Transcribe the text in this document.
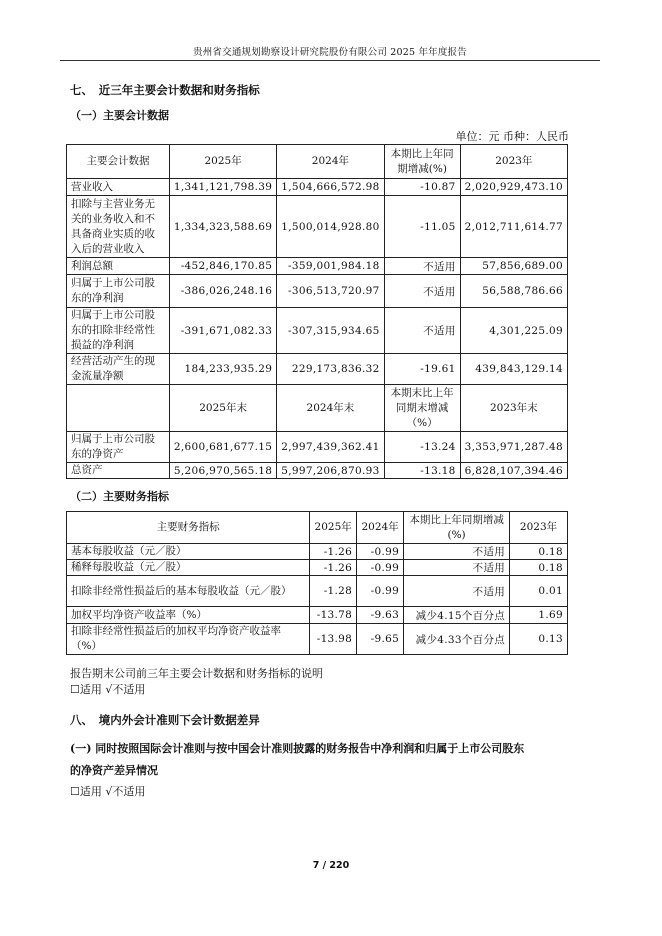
贵州省交通规划勘察设计研究院股份有限公司 2025 年年度报告
七、　近三年主要会计数据和财务指标
（一）主要会计数据
单位：元 币种：人民币
主要会计数据	2025年	2024年	本期比上年同期增减(%)	2023年
营业收入	1,341,121,798.39	1,504,666,572.98	-10.87	2,020,929,473.10
扣除与主营业务无关的业务收入和不具备商业实质的收入后的营业收入	1,334,323,588.69	1,500,014,928.80	-11.05	2,012,711,614.77
利润总额	-452,846,170.85	-359,001,984.18	不适用	57,856,689.00
归属于上市公司股东的净利润	-386,026,248.16	-306,513,720.97	不适用	56,588,786.66
归属于上市公司股东的扣除非经常性损益的净利润	-391,671,082.33	-307,315,934.65	不适用	4,301,225.09
经营活动产生的现金流量净额	184,233,935.29	229,173,836.32	-19.61	439,843,129.14
	2025年末	2024年末	本期末比上年同期末增减（%）	2023年末
归属于上市公司股东的净资产	2,600,681,677.15	2,997,439,362.41	-13.24	3,353,971,287.48
总资产	5,206,970,565.18	5,997,206,870.93	-13.18	6,828,107,394.46
（二）主要财务指标
主要财务指标	2025年	2024年	本期比上年同期增减(%)	2023年
基本每股收益（元／股）	-1.26	-0.99	不适用	0.18
稀释每股收益（元／股）	-1.26	-0.99	不适用	0.18
扣除非经常性损益后的基本每股收益（元／股）	-1.28	-0.99	不适用	0.01
加权平均净资产收益率（%）	-13.78	-9.63	减少4.15个百分点	1.69
扣除非经常性损益后的加权平均净资产收益率（%）	-13.98	-9.65	减少4.33个百分点	0.13
报告期末公司前三年主要会计数据和财务指标的说明
☐适用 √不适用
八、　境内外会计准则下会计数据差异
(一) 同时按照国际会计准则与按中国会计准则披露的财务报告中净利润和归属于上市公司股东
的净资产差异情况
☐适用 √不适用
7 / 220
